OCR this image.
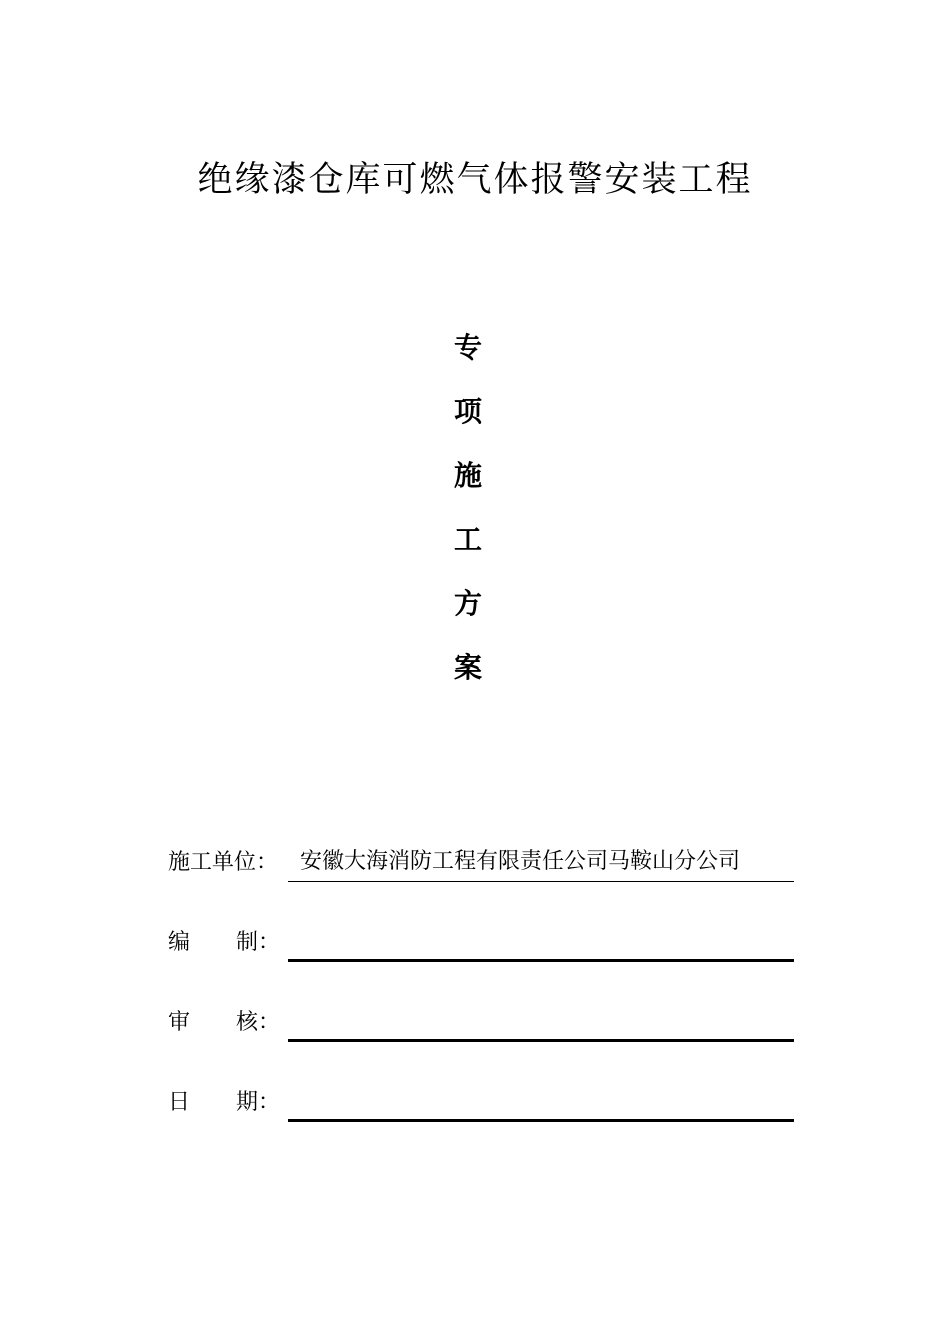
绝缘漆仓库可燃气体报警安装工程
专
项
施
工
方
案
施工单位： 安徽大海消防工程有限责任公司马鞍山分公司
编 制：
审 核：
日 期：
